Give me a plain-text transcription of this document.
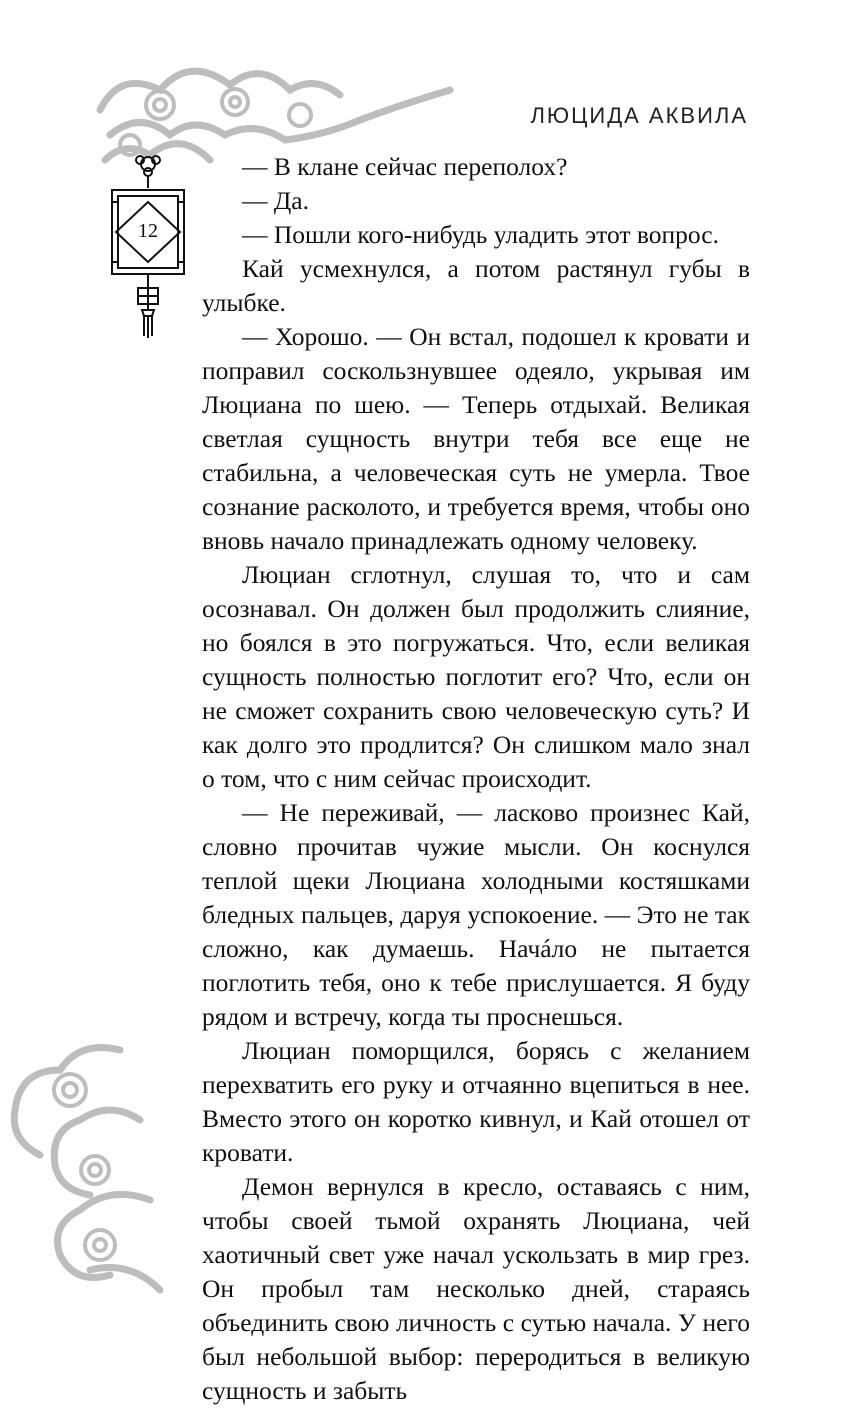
ЛЮЦИДА АКВИЛА
12

— В клане сейчас переполох?

— Да.

— Пошли кого-нибудь уладить этот вопрос.

Кай усмехнулся, а потом растянул губы в улыбке.

— Хорошо. — Он встал, подошел к кровати и поправил соскользнувшее одеяло, укрывая им Люциана по шею. — Теперь отдыхай. Великая светлая сущность внутри тебя все еще не стабильна, а человеческая суть не умерла. Твое сознание расколото, и требуется время, чтобы оно вновь начало принадлежать одному человеку.

Люциан сглотнул, слушая то, что и сам осознавал. Он должен был продолжить слияние, но боялся в это погружаться. Что, если великая сущность полностью поглотит его? Что, если он не сможет сохранить свою человеческую суть? И как долго это продлится? Он слишком мало знал о том, что с ним сейчас происходит.

— Не переживай, — ласково произнес Кай, словно прочитав чужие мысли. Он коснулся теплой щеки Люциана холодными костяшками бледных пальцев, даруя успокоение. — Это не так сложно, как думаешь. Начáло не пытается поглотить тебя, оно к тебе прислушается. Я буду рядом и встречу, когда ты проснешься.

Люциан поморщился, борясь с желанием перехватить его руку и отчаянно вцепиться в нее. Вместо этого он коротко кивнул, и Кай отошел от кровати.

Демон вернулся в кресло, оставаясь с ним, чтобы своей тьмой охранять Люциана, чей хаотичный свет уже начал ускользать в мир грез. Он пробыл там несколько дней, стараясь объединить свою личность с сутью начала. У него был небольшой выбор: переродиться в великую сущность и забыть
